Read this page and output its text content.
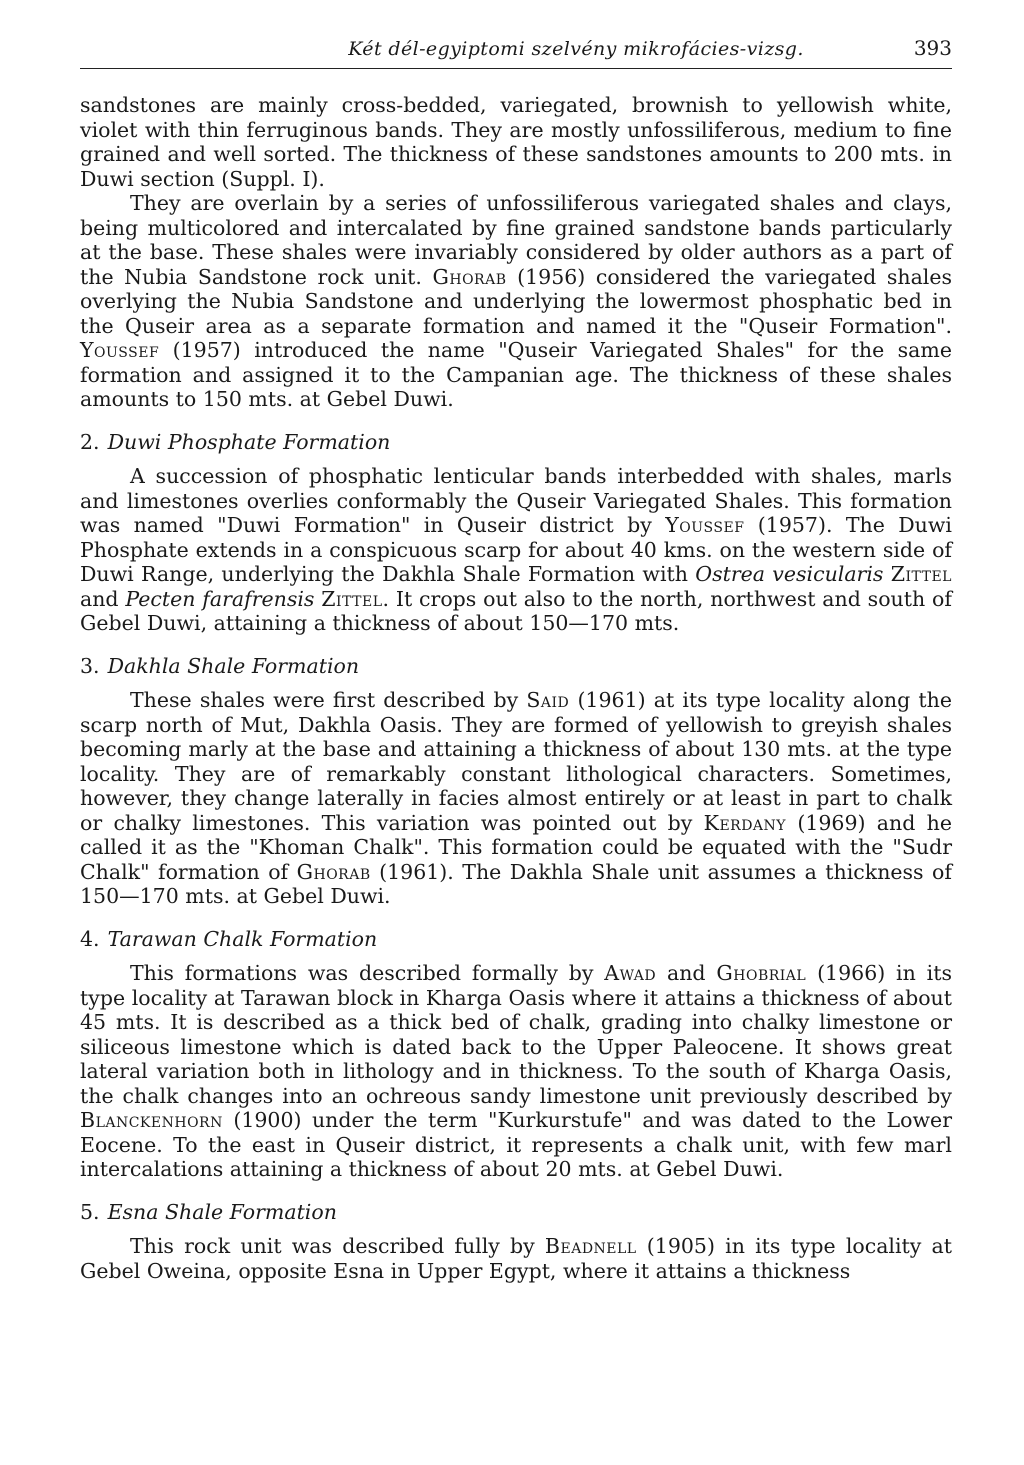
Két dél-egyiptomi szelvény mikrofácies-vizsg.	393

sandstones are mainly cross-bedded, variegated, brownish to yellowish white, violet with thin ferruginous bands. They are mostly unfossiliferous, medium to fine grained and well sorted. The thickness of these sandstones amounts to 200 mts. in Duwi section (Suppl. I).

They are overlain by a series of unfossiliferous variegated shales and clays, being multicolored and intercalated by fine grained sandstone bands particularly at the base. These shales were invariably considered by older authors as a part of the Nubia Sandstone rock unit. Ghorab (1956) considered the variegated shales overlying the Nubia Sandstone and underlying the lowermost phosphatic bed in the Quseir area as a separate formation and named it the "Quseir Formation". Youssef (1957) introduced the name "Quseir Variegated Shales" for the same formation and assigned it to the Campanian age. The thickness of these shales amounts to 150 mts. at Gebel Duwi.

2. Duwi Phosphate Formation

A succession of phosphatic lenticular bands interbedded with shales, marls and limestones overlies conformably the Quseir Variegated Shales. This formation was named "Duwi Formation" in Quseir district by Youssef (1957). The Duwi Phosphate extends in a conspicuous scarp for about 40 kms. on the western side of Duwi Range, underlying the Dakhla Shale Formation with Ostrea vesicularis Zittel and Pecten farafrensis Zittel. It crops out also to the north, northwest and south of Gebel Duwi, attaining a thickness of about 150—170 mts.

3. Dakhla Shale Formation

These shales were first described by Said (1961) at its type locality along the scarp north of Mut, Dakhla Oasis. They are formed of yellowish to greyish shales becoming marly at the base and attaining a thickness of about 130 mts. at the type locality. They are of remarkably constant lithological characters. Sometimes, however, they change laterally in facies almost entirely or at least in part to chalk or chalky limestones. This variation was pointed out by Kerdany (1969) and he called it as the "Khoman Chalk". This formation could be equated with the "Sudr Chalk" formation of Ghorab (1961). The Dakhla Shale unit assumes a thickness of 150—170 mts. at Gebel Duwi.

4. Tarawan Chalk Formation

This formations was described formally by Awad and Ghobrial (1966) in its type locality at Tarawan block in Kharga Oasis where it attains a thickness of about 45 mts. It is described as a thick bed of chalk, grading into chalky limestone or siliceous limestone which is dated back to the Upper Paleocene. It shows great lateral variation both in lithology and in thickness. To the south of Kharga Oasis, the chalk changes into an ochreous sandy limestone unit previously described by Blanckenhorn (1900) under the term "Kurkurstufe" and was dated to the Lower Eocene. To the east in Quseir district, it represents a chalk unit, with few marl intercalations attaining a thickness of about 20 mts. at Gebel Duwi.

5. Esna Shale Formation

This rock unit was described fully by Beadnell (1905) in its type locality at Gebel Oweina, opposite Esna in Upper Egypt, where it attains a thickness
